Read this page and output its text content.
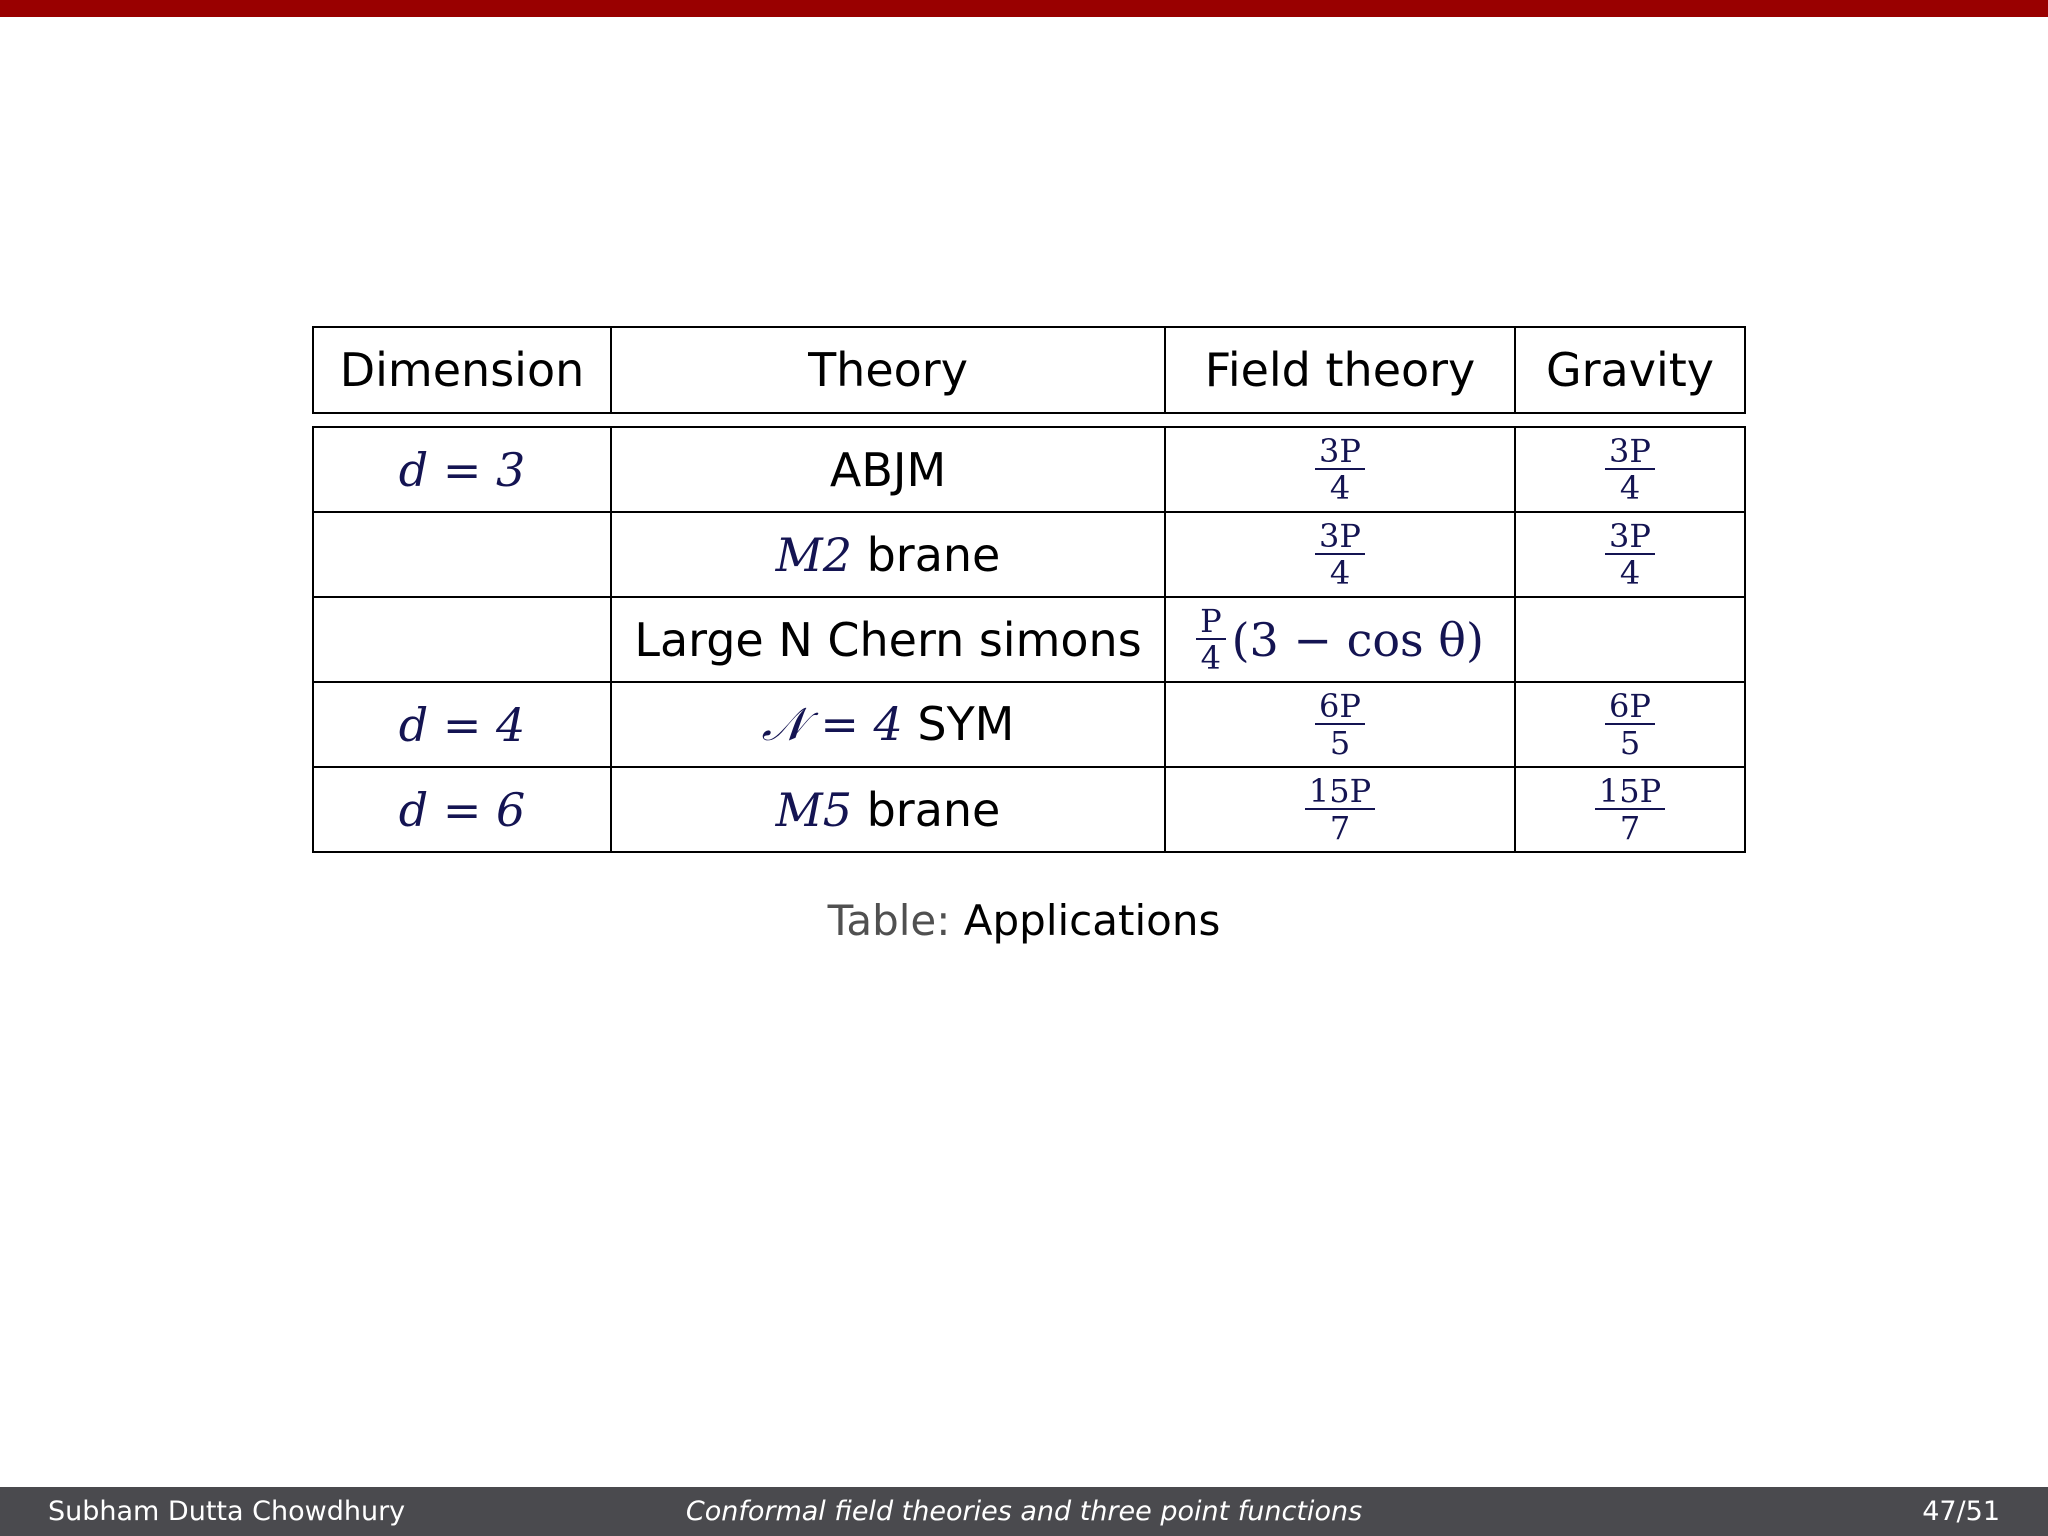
Dimension	Theory	Field theory	Gravity
d = 3	ABJM	$\frac{3P}{4}$	$\frac{3P}{4}$

	M2 brane	$\frac{3P}{4}$	$\frac{3P}{4}$

	Large N Chern simons	$\frac{P}{4} (3 - \cos \theta)$	
d = 4	𝒩 = 4 SYM	$\frac{6P}{5}$	$\frac{6P}{5}$

d = 6	M5 brane	$\frac{15P}{7}$	$\frac{15P}{7}$
Table: Applications
Subham Dutta Chowdhury	Conformal field theories and three point functions	47/51
